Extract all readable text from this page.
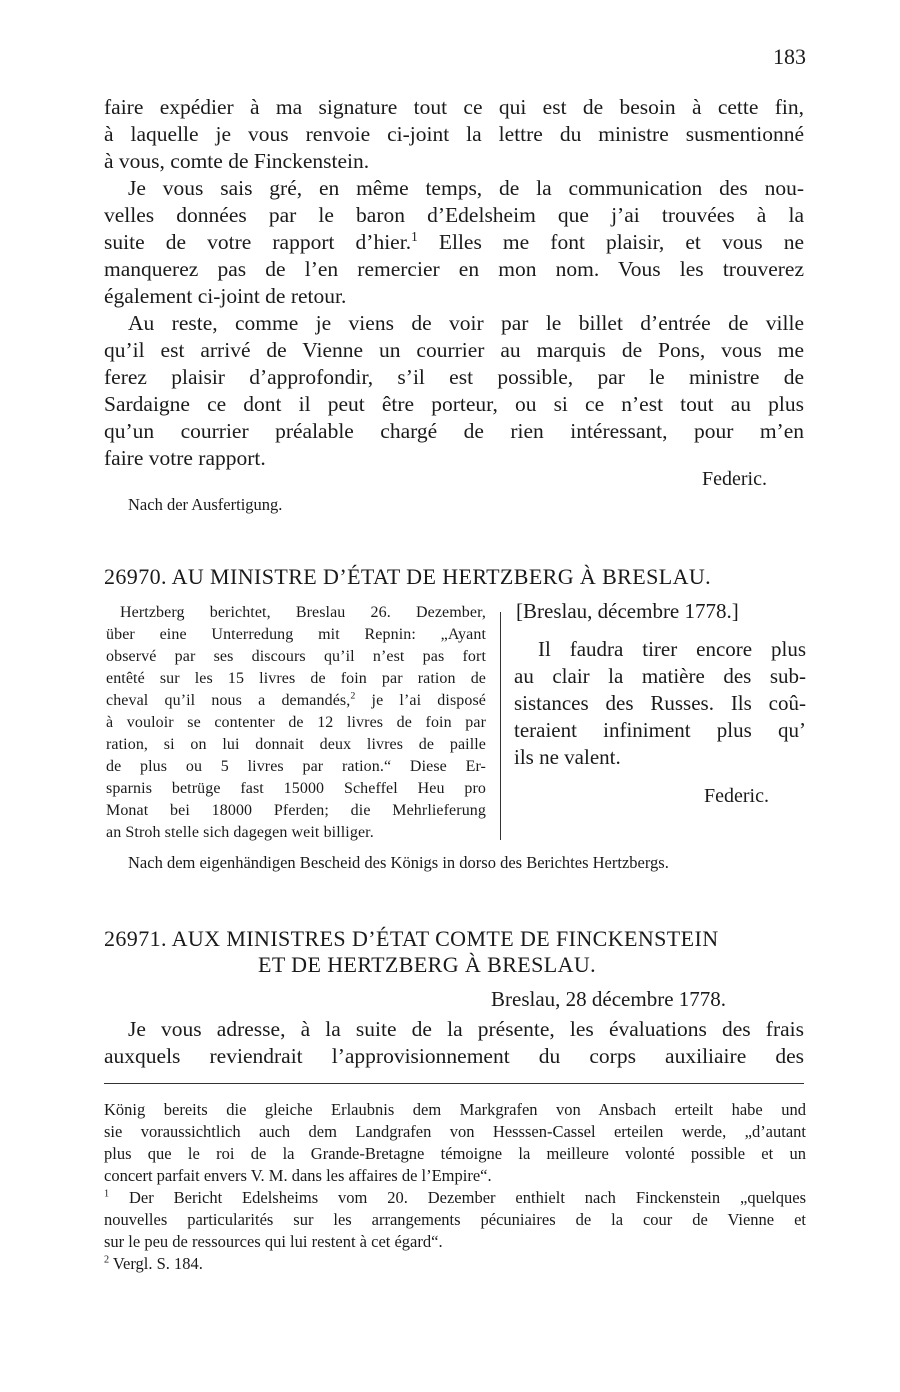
183
faire expédier à ma signature tout ce qui est de besoin à cette fin,
à laquelle je vous renvoie ci-joint la lettre du ministre susmentionné
à vous, comte de Finckenstein.
Je vous sais gré, en même temps, de la communication des nou-
velles données par le baron d’Edelsheim que j’ai trouvées à la
suite de votre rapport d’hier.$^1$ Elles me font plaisir, et vous ne
manquerez pas de l’en remercier en mon nom. Vous les trouverez
également ci-joint de retour.
Au reste, comme je viens de voir par le billet d’entrée de ville
qu’il est arrivé de Vienne un courrier au marquis de Pons, vous me
ferez plaisir d’approfondir, s’il est possible, par le ministre de
Sardaigne ce dont il peut être porteur, ou si ce n’est tout au plus
qu’un courrier préalable chargé de rien intéressant, pour m’en
faire votre rapport.
Federic.
Nach der Ausfertigung.
26970. AU MINISTRE D’ÉTAT DE HERTZBERG À BRESLAU.
Hertzberg berichtet, Breslau 26. Dezember,
über eine Unterredung mit Repnin: „Ayant
observé par ses discours qu’il n’est pas fort
entêté sur les 15 livres de foin par ration de
cheval qu’il nous a demandés,$^2$ je l’ai disposé
à vouloir se contenter de 12 livres de foin par
ration, si on lui donnait deux livres de paille
de plus ou 5 livres par ration.“ Diese Er-
sparnis betrüge fast 15000 Scheffel Heu pro
Monat bei 18000 Pferden; die Mehrlieferung
an Stroh stelle sich dagegen weit billiger.
[Breslau, décembre 1778.]
Il faudra tirer encore plus
au clair la matière des sub-
sistances des Russes. Ils coû-
teraient infiniment plus qu’
ils ne valent.
Federic.
Nach dem eigenhändigen Bescheid des Königs in dorso des Berichtes Hertzbergs.
26971. AUX MINISTRES D’ÉTAT COMTE DE FINCKENSTEIN
ET DE HERTZBERG À BRESLAU.
Breslau, 28 décembre 1778.
Je vous adresse, à la suite de la présente, les évaluations des frais
auxquels reviendrait l’approvisionnement du corps auxiliaire des
König bereits die gleiche Erlaubnis dem Markgrafen von Ansbach erteilt habe und
sie voraussichtlich auch dem Landgrafen von Hesssen-Cassel erteilen werde, „d’autant
plus que le roi de la Grande-Bretagne témoigne la meilleure volonté possible et un
concert parfait envers V. M. dans les affaires de l’Empire“.
$^1$ Der Bericht Edelsheims vom 20. Dezember enthielt nach Finckenstein „quelques
nouvelles particularités sur les arrangements pécuniaires de la cour de Vienne et
sur le peu de ressources qui lui restent à cet égard“.
$^2$ Vergl. S. 184.
